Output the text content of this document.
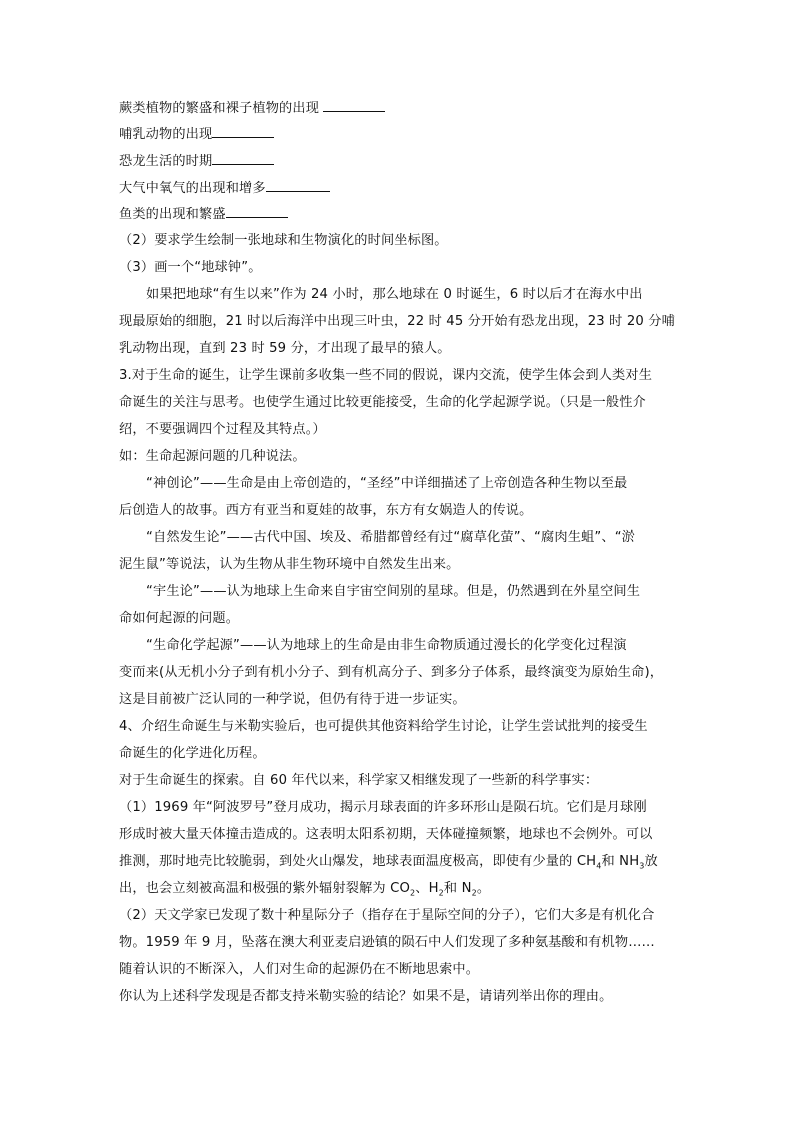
蕨类植物的繁盛和裸子植物的出现
哺乳动物的出现
恐龙生活的时期
大气中氧气的出现和增多
鱼类的出现和繁盛
（2）要求学生绘制一张地球和生物演化的时间坐标图。
（3）画一个“地球钟”。
如果把地球“有生以来”作为 24 小时，那么地球在 0 时诞生，6 时以后才在海水中出
现最原始的细胞，21 时以后海洋中出现三叶虫，22 时 45 分开始有恐龙出现，23 时 20 分哺
乳动物出现，直到 23 时 59 分，才出现了最早的猿人。
3.对于生命的诞生，让学生课前多收集一些不同的假说，课内交流，使学生体会到人类对生
命诞生的关注与思考。也使学生通过比较更能接受，生命的化学起源学说。（只是一般性介
绍，不要强调四个过程及其特点。）
如：生命起源问题的几种说法。
“神创论”——生命是由上帝创造的，“圣经”中详细描述了上帝创造各种生物以至最
后创造人的故事。西方有亚当和夏娃的故事，东方有女娲造人的传说。
“自然发生论”——古代中国、埃及、希腊都曾经有过“腐草化萤”、“腐肉生蛆”、“淤
泥生鼠”等说法，认为生物从非生物环境中自然发生出来。
“宇生论”——认为地球上生命来自宇宙空间别的星球。但是，仍然遇到在外星空间生
命如何起源的问题。
“生命化学起源”——认为地球上的生命是由非生命物质通过漫长的化学变化过程演
变而来(从无机小分子到有机小分子、到有机高分子、到多分子体系，最终演变为原始生命)，
这是目前被广泛认同的一种学说，但仍有待于进一步证实。
4、介绍生命诞生与米勒实验后，也可提供其他资料给学生讨论，让学生尝试批判的接受生
命诞生的化学进化历程。
对于生命诞生的探索。自 60 年代以来，科学家又相继发现了一些新的科学事实：
（1）1969 年“阿波罗号”登月成功，揭示月球表面的许多环形山是陨石坑。它们是月球刚
形成时被大量天体撞击造成的。这表明太阳系初期，天体碰撞频繁，地球也不会例外。可以
推测，那时地壳比较脆弱，到处火山爆发，地球表面温度极高，即使有少量的 $CH_4$和 $NH_3$放
出，也会立刻被高温和极强的紫外辐射裂解为 $CO_2$、$H_2$和 $N_2$。
（2）天文学家已发现了数十种星际分子（指存在于星际空间的分子），它们大多是有机化合
物。1959 年 9 月，坠落在澳大利亚麦启逊镇的陨石中人们发现了多种氨基酸和有机物……
随着认识的不断深入，人们对生命的起源仍在不断地思索中。
你认为上述科学发现是否都支持米勒实验的结论？如果不是，请请列举出你的理由。
